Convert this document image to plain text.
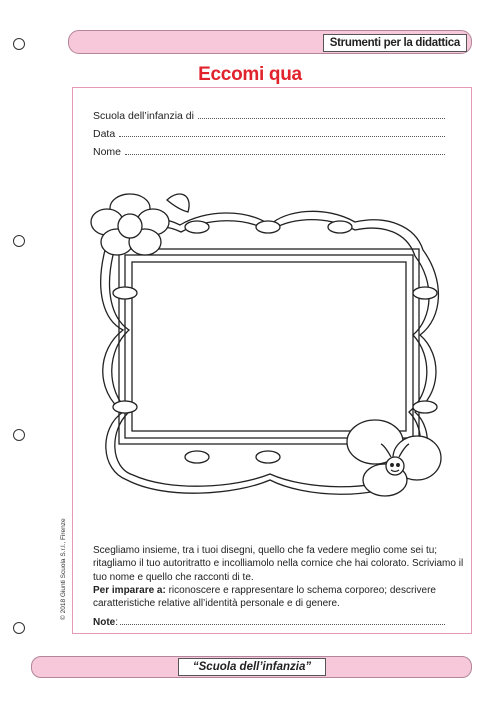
Strumenti per la didattica
Eccomi qua
Scuola dell’infanzia di
Data
Nome
Scegliamo insieme, tra i tuoi disegni, quello che fa vedere meglio come sei tu; ritagliamo il tuo autoritratto e incolliamolo nella cornice che hai colorato. Scriviamo il tuo nome e quello che racconti di te.
Per imparare a: riconoscere e rappresentare lo schema corporeo; descrivere caratteristiche relative all’identità personale e di genere.
Note :
© 2018 Giunti Scuola S.r.l., Firenze
“Scuola dell’infanzia”
